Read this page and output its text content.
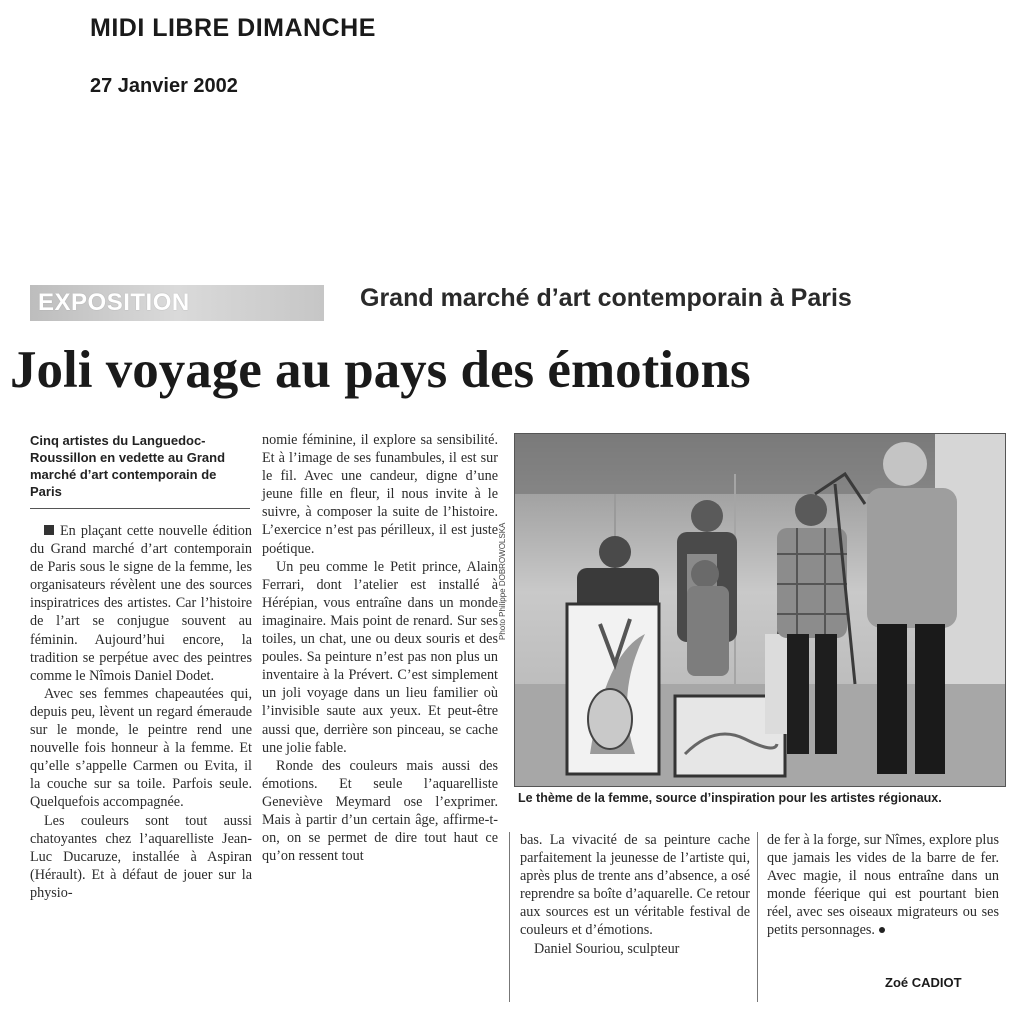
MIDI LIBRE DIMANCHE
27 Janvier 2002
EXPOSITION	Grand marché d’art contemporain à Paris
Joli voyage au pays des émotions
Cinq artistes du Languedoc-Roussillon en vedette au Grand marché d’art contemporain de Paris

En plaçant cette nouvelle édition du Grand marché d’art contemporain de Paris sous le signe de la femme, les organisateurs révèlent une des sources inspiratrices des artistes. Car l’histoire de l’art se conjugue souvent au féminin. Aujourd’hui encore, la tradition se perpétue avec des peintres comme le Nîmois Daniel Dodet.

Avec ses femmes chapeautées qui, depuis peu, lèvent un regard émeraude sur le monde, le peintre rend une nouvelle fois honneur à la femme. Et qu’elle s’appelle Carmen ou Evita, il la couche sur sa toile. Parfois seule. Quelquefois accompagnée.

Les couleurs sont tout aussi chatoyantes chez l’aquarelliste Jean-Luc Ducaruze, installée à Aspiran (Hérault). Et à défaut de jouer sur la physio-

nomie féminine, il explore sa sensibilité. Et à l’image de ses funambules, il est sur le fil. Avec une candeur, digne d’une jeune fille en fleur, il nous invite à le suivre, à composer la suite de l’histoire. L’exercice n’est pas périlleux, il est juste poétique.

Un peu comme le Petit prince, Alain Ferrari, dont l’atelier est installé à Hérépian, vous entraîne dans un monde imaginaire. Mais point de renard. Sur ses toiles, un chat, une ou deux souris et des poules. Sa peinture n’est pas non plus un inventaire à la Prévert. C’est simplement un joli voyage dans un lieu familier où l’invisible saute aux yeux. Et peut-être aussi que, derrière son pinceau, se cache une jolie fable.

Ronde des couleurs mais aussi des émotions. Et seule l’aquarelliste Geneviève Meymard ose l’exprimer. Mais à partir d’un certain âge, affirme-t-on, on se permet de dire tout haut ce qu’on ressent tout

bas. La vivacité de sa peinture cache parfaitement la jeunesse de l’artiste qui, après plus de trente ans d’absence, a osé reprendre sa boîte d’aquarelle. Ce retour aux sources est un véritable festival de couleurs et d’émotions.

Daniel Souriou, sculpteur

de fer à la forge, sur Nîmes, explore plus que jamais les vides de la barre de fer. Avec magie, il nous entraîne dans un monde féerique qui est pourtant bien réel, avec ses oiseaux migrateurs ou ses petits personnages.

Zoé CADIOT
Photo Philippe DOBROWOLSKA
Le thème de la femme, source d’inspiration pour les artistes régionaux.
